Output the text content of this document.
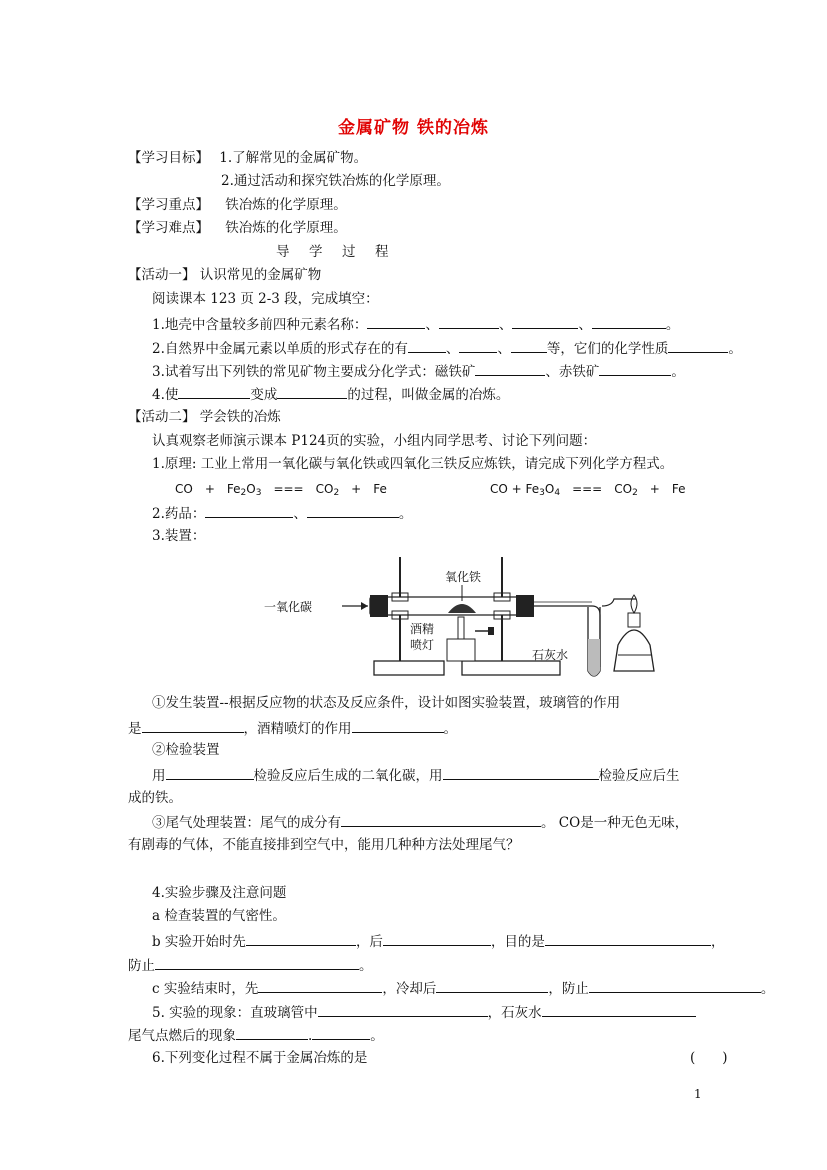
金属矿物 铁的冶炼
【学习目标】 1.了解常见的金属矿物。
2.通过活动和探究铁冶炼的化学原理。
【学习重点】 铁冶炼的化学原理。
【学习难点】 铁冶炼的化学原理。
导　学　过　程
【活动一】 认识常见的金属矿物
阅读课本 123 页 2-3 段，完成填空：
1.地壳中含量较多前四种元素名称：	、	、	、	。
2.自然界中金属元素以单质的形式存在的有	、	、	等，它们的化学性质	。
3.试着写出下列铁的常见矿物主要成分化学式：磁铁矿	、赤铁矿	。
4.使	变成	的过程，叫做金属的冶炼。
【活动二】 学会铁的冶炼
认真观察老师演示课本 P124页的实验，小组内同学思考、讨论下列问题：
1.原理: 工业上常用一氧化碳与氧化铁或四氧化三铁反应炼铁，请完成下列化学方程式。
CO　+　$Fe_2O_3$　===　$CO_2$　+　Fe	CO + $Fe_3O_4$　===　$CO_2$　+　Fe
2.药品：	、	。
3.装置：
一氧化碳
氧化铁
酒精
喷灯
石灰水
①发生装置--根据反应物的状态及反应条件，设计如图实验装置，玻璃管的作用
是	，酒精喷灯的作用	。
②检验装置
用	检验反应后生成的二氧化碳，用	检验反应后生
成的铁。
③尾气处理装置：尾气的成分有	。 CO是一种无色无味，
有剧毒的气体，不能直接排到空气中，能用几种种方法处理尾气？
4.实验步骤及注意问题
a 检查装置的气密性。
b 实验开始时先	，后	，目的是	，
防止	。
c 实验结束时，先	，冷却后	，防止	。
5. 实验的现象：直玻璃管中	，石灰水
尾气点燃后的现象	.	。
6.下列变化过程不属于金属冶炼的是	(　　)
1
